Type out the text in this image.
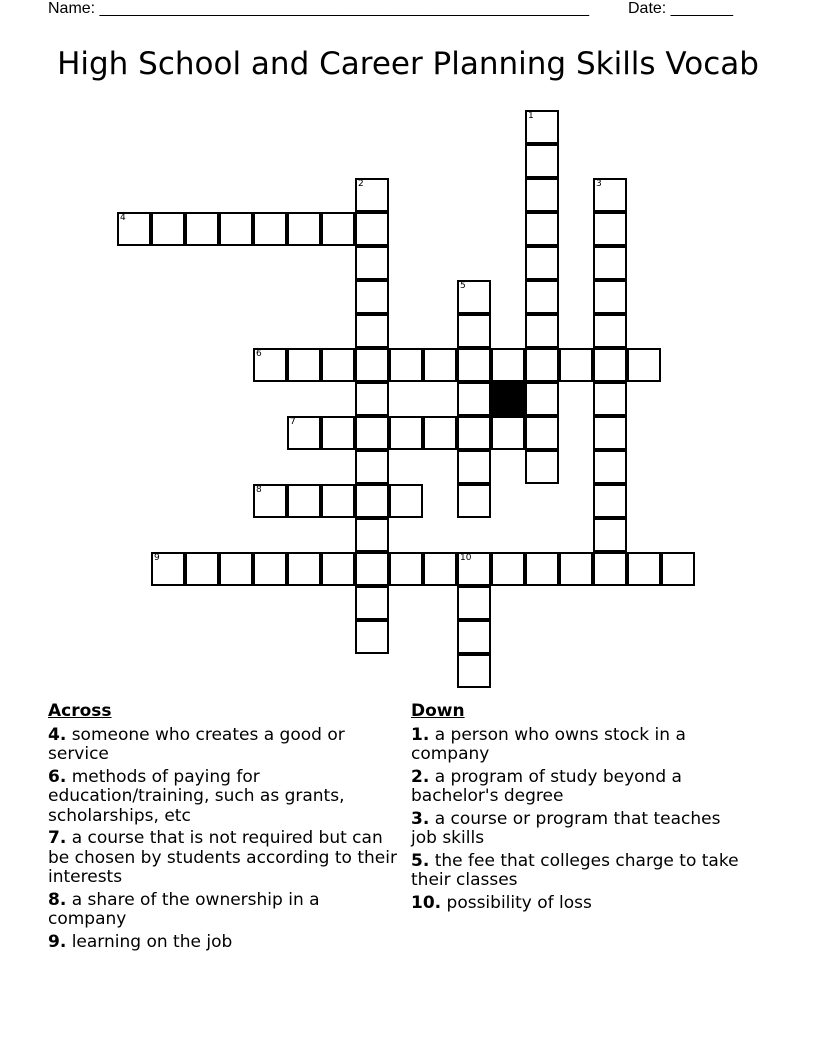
Name: _______________________________________________________ Date: _______
High School and Career Planning Skills Vocab
1
2	3
4
5
6
7
8
9	10
Across
4. someone who creates a good or service
6. methods of paying for education/training, such as grants, scholarships, etc
7. a course that is not required but can be chosen by students according to their interests
8. a share of the ownership in a company
9. learning on the job
Down
1. a person who owns stock in a company
2. a program of study beyond a bachelor's degree
3. a course or program that teaches job skills
5. the fee that colleges charge to take their classes
10. possibility of loss
